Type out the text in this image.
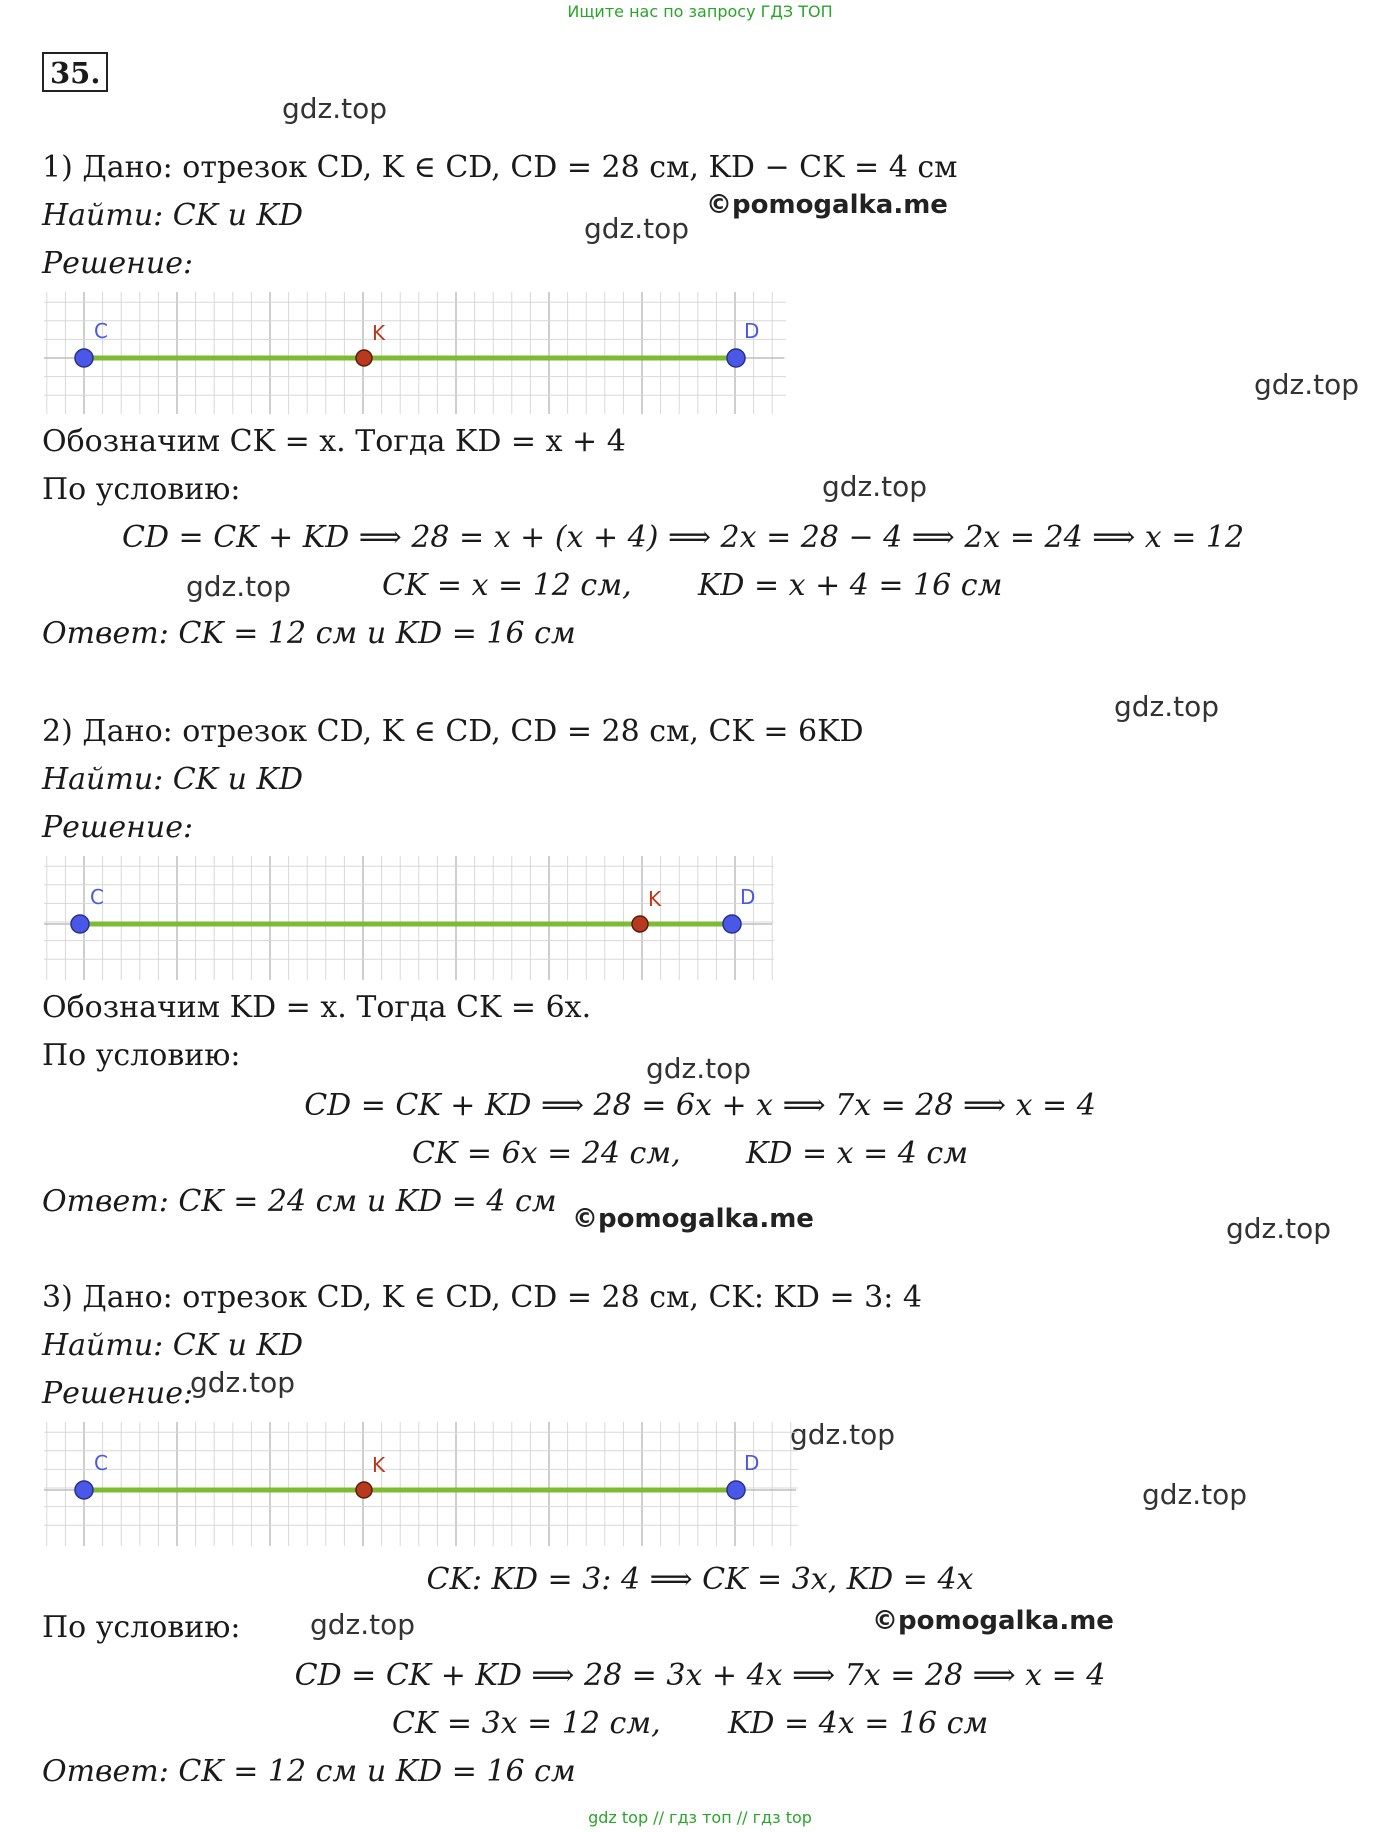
Ищите нас по запросу ГДЗ ТОП
35.
gdz.top
gdz.top
©pomogalka.me
gdz.top
gdz.top
gdz.top
gdz.top
gdz.top
©pomogalka.me	gdz.top
gdz.top
gdz.top
gdz.top
gdz.top	©pomogalka.me
1) Дано: отрезок CD, K ∈ CD, CD = 28 см, KD − CK = 4 см
Найти: CK и KD
Решение:
C	K	D
Обозначим CK = x. Тогда KD = x + 4
По условию:
CD = CK + KD ⟹ 28 = x + (x + 4) ⟹ 2x = 28 − 4 ⟹ 2x = 24 ⟹ x = 12
CK = x = 12 см, KD = x + 4 = 16 см
Ответ: CK = 12 см и KD = 16 см
2) Дано: отрезок CD, K ∈ CD, CD = 28 см, CK = 6KD
Найти: CK и KD
Решение:
C	K	D
Обозначим KD = x. Тогда CK = 6x.
По условию:
CD = CK + KD ⟹ 28 = 6x + x ⟹ 7x = 28 ⟹ x = 4
CK = 6x = 24 см, KD = x = 4 см
Ответ: CK = 24 см и KD = 4 см
3) Дано: отрезок CD, K ∈ CD, CD = 28 см, CK: KD = 3: 4
Найти: CK и KD
Решение:
C	K	D
CK: KD = 3: 4 ⟹ CK = 3x, KD = 4x
По условию:
CD = CK + KD ⟹ 28 = 3x + 4x ⟹ 7x = 28 ⟹ x = 4
CK = 3x = 12 см, KD = 4x = 16 см
Ответ: CK = 12 см и KD = 16 см
gdz top // гдз топ // гдз top
